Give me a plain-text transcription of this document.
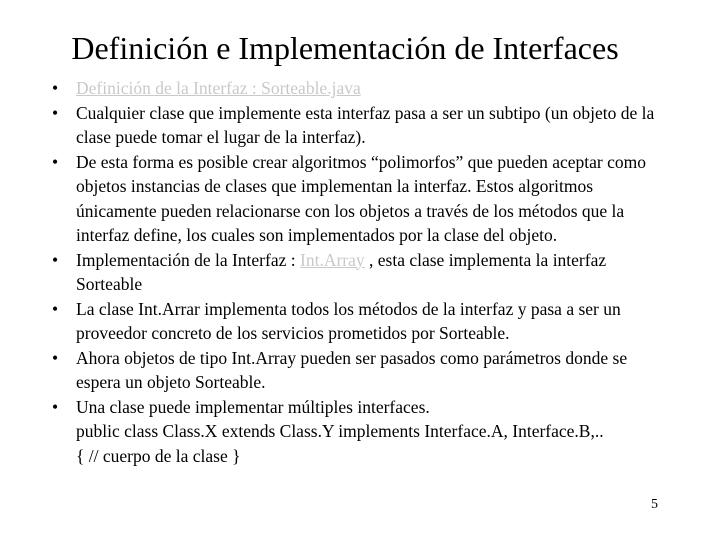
Definición e Implementación de Interfaces
•	Definición de la Interfaz : Sorteable.java
•	Cualquier clase que implemente esta interfaz pasa a ser un subtipo (un objeto de la clase puede tomar el lugar de la interfaz).
•	De esta forma es posible crear algoritmos “polimorfos” que pueden aceptar como objetos instancias de clases que implementan la interfaz. Estos algoritmos únicamente pueden relacionarse con los objetos a través de los métodos que la interfaz define, los cuales son implementados por la clase del objeto.
•	Implementación de la Interfaz : Int.Array , esta clase implementa la interfaz Sorteable
•	La clase Int.Arrar implementa todos los métodos de la interfaz y pasa a ser un proveedor concreto de los servicios prometidos por Sorteable.
•	Ahora objetos de tipo Int.Array pueden ser pasados como parámetros donde se espera un objeto Sorteable.
•	Una clase puede implementar múltiples interfaces.
public class Class.X extends Class.Y implements Interface.A, Interface.B,..
{ // cuerpo de la clase }
5
